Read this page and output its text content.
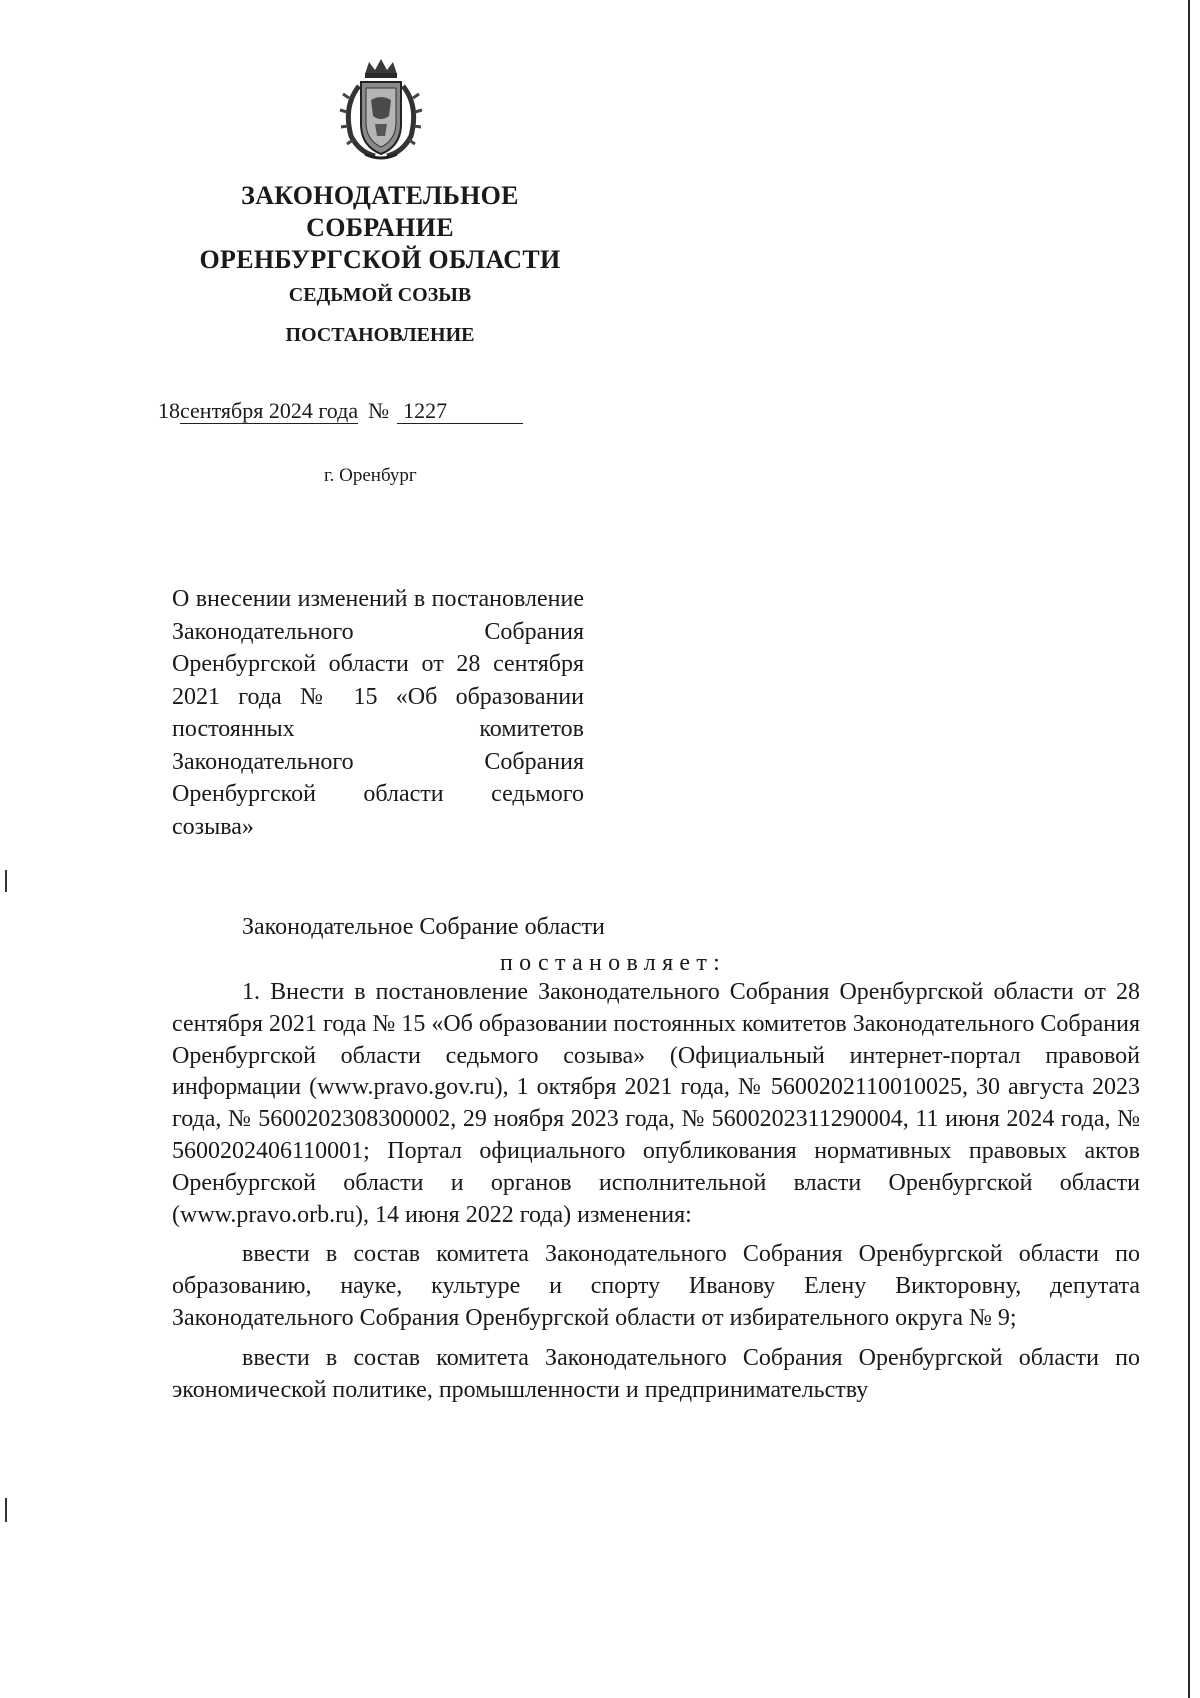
ЗАКОНОДАТЕЛЬНОЕ
СОБРАНИЕ
ОРЕНБУРГСКОЙ ОБЛАСТИ
СЕДЬМОЙ СОЗЫВ
ПОСТАНОВЛЕНИЕ
18сентября 2024 года № 1227
г. Оренбург
О внесении изменений в постановление Законодательного Собрания Оренбургской области от 28 сентября 2021 года № 15 «Об образовании постоянных комитетов Законодательного Собрания Оренбургской области седьмого созыва»
Законодательное Собрание области
постановляет:

1. Внести в постановление Законодательного Собрания Оренбургской области от 28 сентября 2021 года № 15 «Об образовании постоянных комитетов Законодательного Собрания Оренбургской области седьмого созыва» (Официальный интернет-портал правовой информации (www.pravo.gov.ru), 1 октября 2021 года, № 5600202110010025, 30 августа 2023 года, № 5600202308300002, 29 ноября 2023 года, № 5600202311290004, 11 июня 2024 года, № 5600202406110001; Портал официального опубликования нормативных правовых актов Оренбургской области и органов исполнительной власти Оренбургской области (www.pravo.orb.ru), 14 июня 2022 года) изменения:

ввести в состав комитета Законодательного Собрания Оренбургской области по образованию, науке, культуре и спорту Иванову Елену Викторовну, депутата Законодательного Собрания Оренбургской области от избирательного округа № 9;

ввести в состав комитета Законодательного Собрания Оренбургской области по экономической политике, промышленности и предпринимательству
